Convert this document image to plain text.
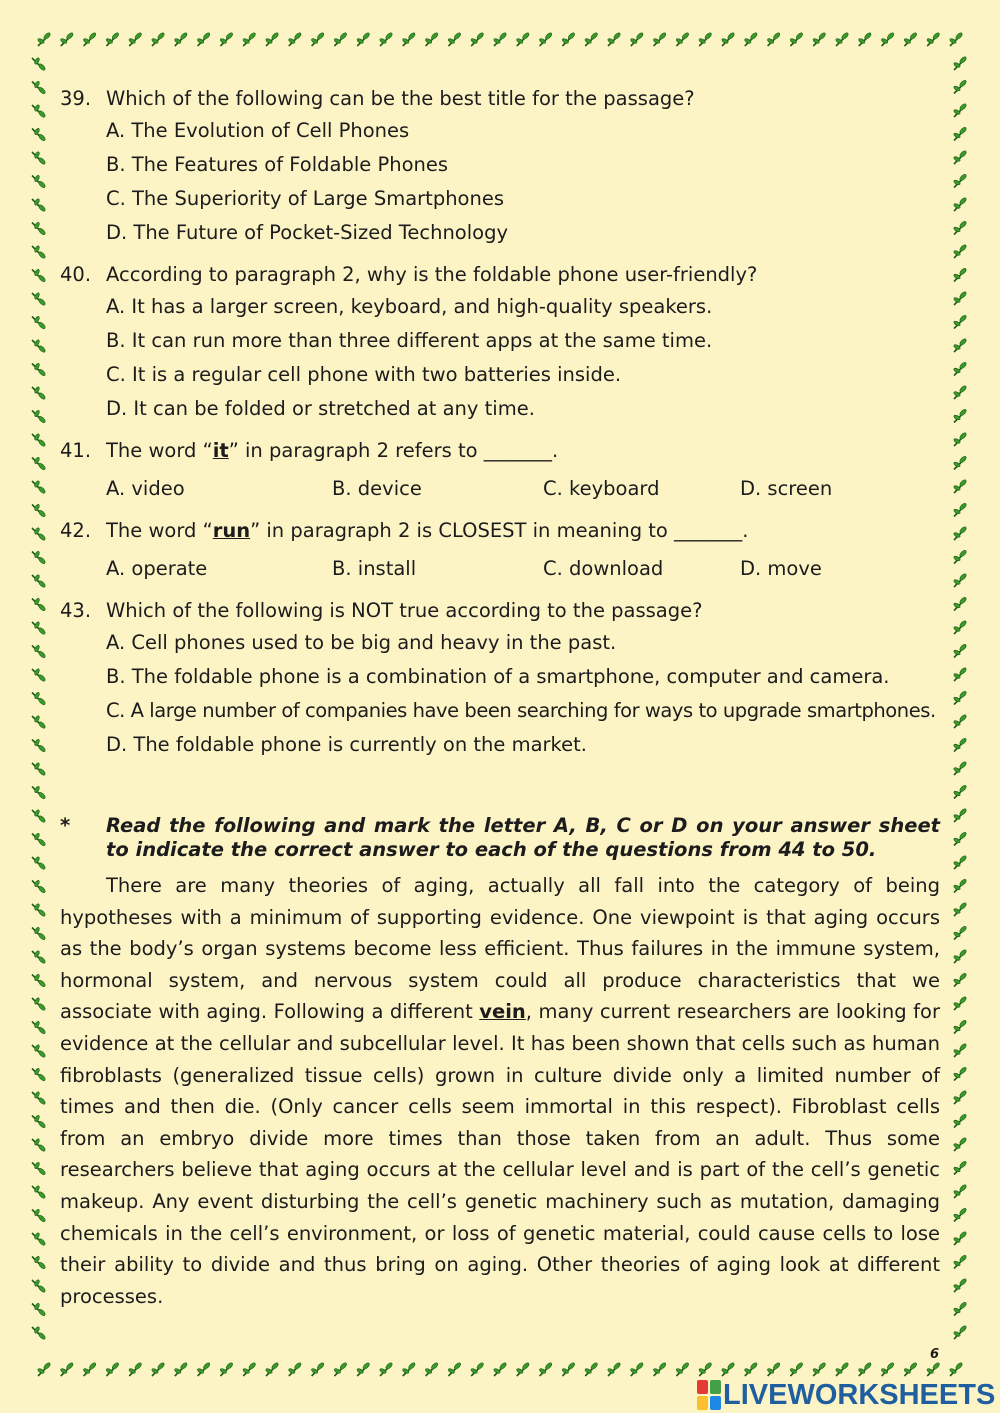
39. Which of the following can be the best title for the passage?
A. The Evolution of Cell Phones
B. The Features of Foldable Phones
C. The Superiority of Large Smartphones
D. The Future of Pocket-Sized Technology
40. According to paragraph 2, why is the foldable phone user-friendly?
A. It has a larger screen, keyboard, and high-quality speakers.
B. It can run more than three different apps at the same time.
C. It is a regular cell phone with two batteries inside.
D. It can be folded or stretched at any time.
41. The word “it” in paragraph 2 refers to _______.
A. video	B. device	C. keyboard	D. screen
42. The word “run” in paragraph 2 is CLOSEST in meaning to _______.
A. operate	B. install	C. download	D. move
43. Which of the following is NOT true according to the passage?
A. Cell phones used to be big and heavy in the past.
B. The foldable phone is a combination of a smartphone, computer and camera.
C. A large number of companies have been searching for ways to upgrade smartphones.
D. The foldable phone is currently on the market.
*	Read the following and mark the letter A, B, C or D on your answer sheet to indicate the correct answer to each of the questions from 44 to 50.

There are many theories of aging, actually all fall into the category of being hypotheses with a minimum of supporting evidence. One viewpoint is that aging occurs as the body’s organ systems become less efficient. Thus failures in the immune system, hormonal system, and nervous system could all produce characteristics that we associate with aging. Following a different vein, many current researchers are looking for evidence at the cellular and subcellular level. It has been shown that cells such as human fibroblasts (generalized tissue cells) grown in culture divide only a limited number of times and then die. (Only cancer cells seem immortal in this respect). Fibroblast cells from an embryo divide more times than those taken from an adult. Thus some researchers believe that aging occurs at the cellular level and is part of the cell’s genetic makeup. Any event disturbing the cell’s genetic machinery such as mutation, damaging chemicals in the cell’s environment, or loss of genetic material, could cause cells to lose their ability to divide and thus bring on aging. Other theories of aging look at different processes.

6
LIVEWORKSHEETS
